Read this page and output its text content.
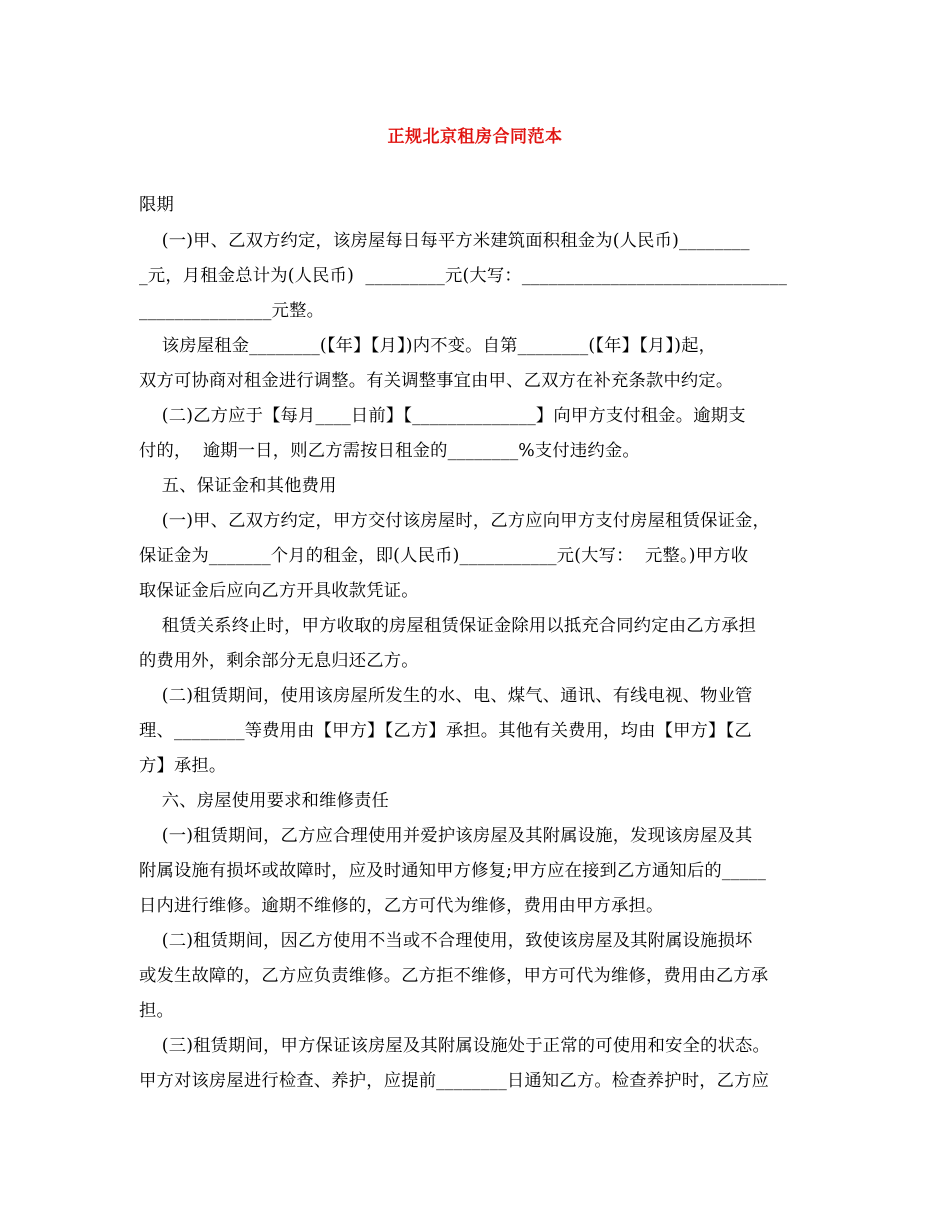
正规北京租房合同范本
限期
(一)甲、乙双方约定，该房屋每日每平方米建筑面积租金为(人民币)________
_元，月租金总计为(人民币)  _________元(大写：______________________________
_______________元整。
该房屋租金________(【年】【月】)内不变。自第________(【年】【月】)起，
双方可协商对租金进行调整。有关调整事宜由甲、乙双方在补充条款中约定。
(二)乙方应于【每月____日前】【______________】向甲方支付租金。逾期支
付的，  逾期一日，则乙方需按日租金的________%支付违约金。
五、保证金和其他费用
(一)甲、乙双方约定，甲方交付该房屋时，乙方应向甲方支付房屋租赁保证金，
保证金为_______个月的租金，即(人民币)___________元(大写：  元整。)甲方收
取保证金后应向乙方开具收款凭证。
租赁关系终止时，甲方收取的房屋租赁保证金除用以抵充合同约定由乙方承担
的费用外，剩余部分无息归还乙方。
(二)租赁期间，使用该房屋所发生的水、电、煤气、通讯、有线电视、物业管
理、________等费用由【甲方】【乙方】承担。其他有关费用，均由【甲方】【乙
方】承担。
六、房屋使用要求和维修责任
(一)租赁期间，乙方应合理使用并爱护该房屋及其附属设施，发现该房屋及其
附属设施有损坏或故障时，应及时通知甲方修复;甲方应在接到乙方通知后的_____
日内进行维修。逾期不维修的，乙方可代为维修，费用由甲方承担。
(二)租赁期间，因乙方使用不当或不合理使用，致使该房屋及其附属设施损坏
或发生故障的，乙方应负责维修。乙方拒不维修，甲方可代为维修，费用由乙方承
担。
(三)租赁期间，甲方保证该房屋及其附属设施处于正常的可使用和安全的状态。
甲方对该房屋进行检查、养护，应提前________日通知乙方。检查养护时，乙方应
